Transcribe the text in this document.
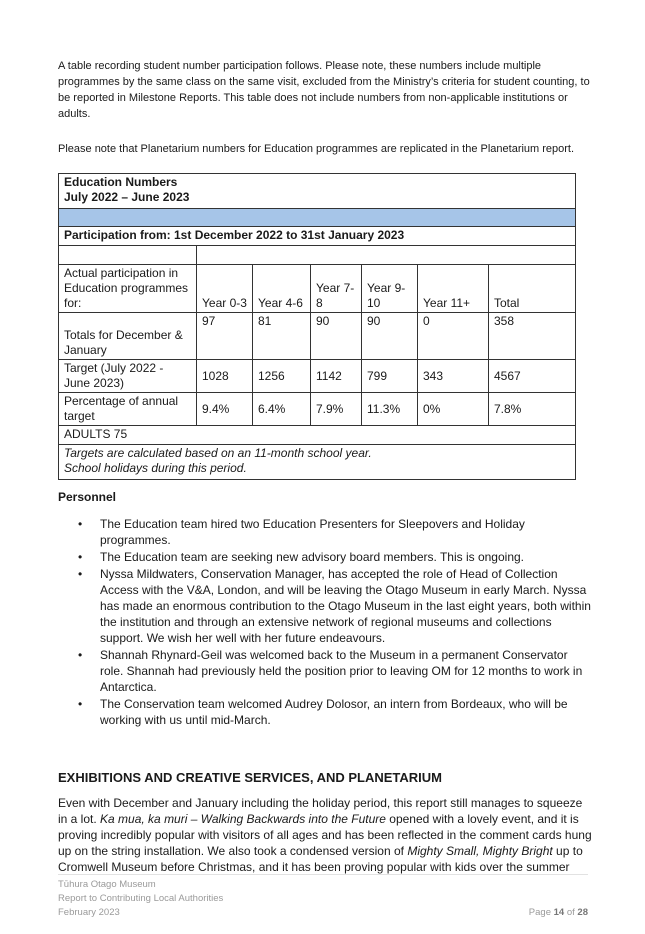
A table recording student number participation follows. Please note, these numbers include multiple programmes by the same class on the same visit, excluded from the Ministry’s criteria for student counting, to be reported in Milestone Reports. This table does not include numbers from non-applicable institutions or adults.

Please note that Planetarium numbers for Education programmes are replicated in the Planetarium report.

Education Numbers
July 2022 – June 2023						

Participation from: 1st December 2022 to 31st January 2023						

Actual participation in Education programmes for:	Year 0-3	Year 4-6	Year 7-8	Year 9-10	Year 11+	Total
Totals for December & January	97	81	90	90	0	358
Target (July 2022 - June 2023)	1028	1256	1142	799	343	4567
Percentage of annual target	9.4%	6.4%	7.9%	11.3%	0%	7.8%
ADULTS 75						

Targets are calculated based on an 11-month school year.
School holidays during this period.						
Personnel
• The Education team hired two Education Presenters for Sleepovers and Holiday programmes.
• The Education team are seeking new advisory board members. This is ongoing.
• Nyssa Mildwaters, Conservation Manager, has accepted the role of Head of Collection Access with the V&A, London, and will be leaving the Otago Museum in early March. Nyssa has made an enormous contribution to the Otago Museum in the last eight years, both within the institution and through an extensive network of regional museums and collections support. We wish her well with her future endeavours.
• Shannah Rhynard-Geil was welcomed back to the Museum in a permanent Conservator role. Shannah had previously held the position prior to leaving OM for 12 months to work in Antarctica.
• The Conservation team welcomed Audrey Dolosor, an intern from Bordeaux, who will be working with us until mid-March.
EXHIBITIONS AND CREATIVE SERVICES, AND PLANETARIUM

Even with December and January including the holiday period, this report still manages to squeeze in a lot. Ka mua, ka muri – Walking Backwards into the Future opened with a lovely event, and it is proving incredibly popular with visitors of all ages and has been reflected in the comment cards hung up on the string installation. We also took a condensed version of Mighty Small, Mighty Bright up to Cromwell Museum before Christmas, and it has been proving popular with kids over the summer

Tūhura Otago Museum
Report to Contributing Local Authorities
February 2023	Page 14 of 28
